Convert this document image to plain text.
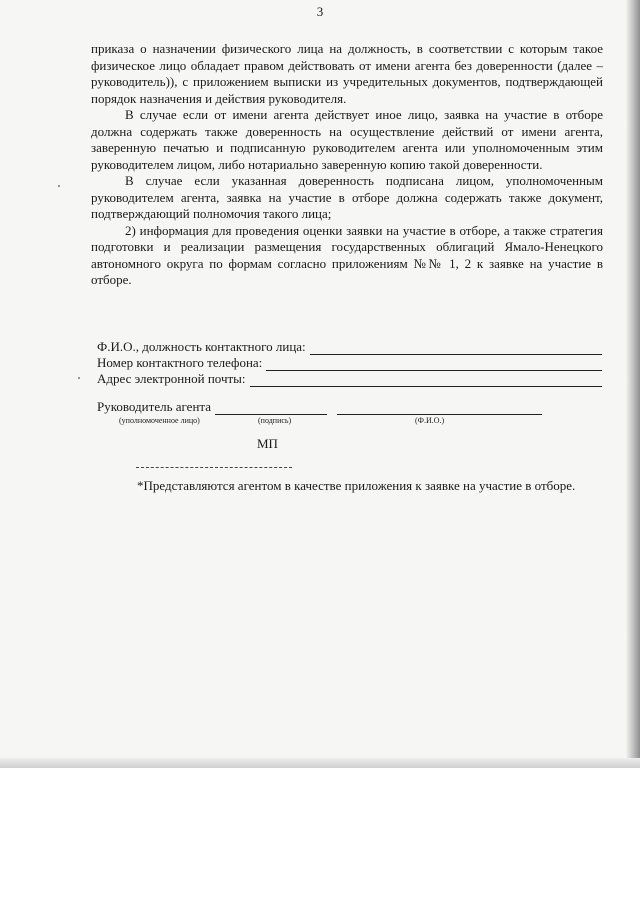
3

приказа о назначении физического лица на должность, в соответствии с которым такое физическое лицо обладает правом действовать от имени агента без доверенности (далее – руководитель)), с приложением выписки из учредительных документов, подтверждающей порядок назначения и действия руководителя.

В случае если от имени агента действует иное лицо, заявка на участие в отборе должна содержать также доверенность на осуществление действий от имени агента, заверенную печатью и подписанную руководителем агента или уполномоченным этим руководителем лицом, либо нотариально заверенную копию такой доверенности.

В случае если указанная доверенность подписана лицом, уполномоченным руководителем агента, заявка на участие в отборе должна содержать также документ, подтверждающий полномочия такого лица;

2) информация для проведения оценки заявки на участие в отборе, а также стратегия подготовки и реализации размещения государственных облигаций Ямало-Ненецкого автономного округа по формам согласно приложениям №№ 1, 2 к заявке на участие в отборе.

Ф.И.О., должность контактного лица:
Номер контактного телефона:
Адрес электронной почты:
Руководитель агента
(уполномоченное лицо)	(подпись)	(Ф.И.О.)
МП

*Представляются агентом в качестве приложения к заявке на участие в отборе.
